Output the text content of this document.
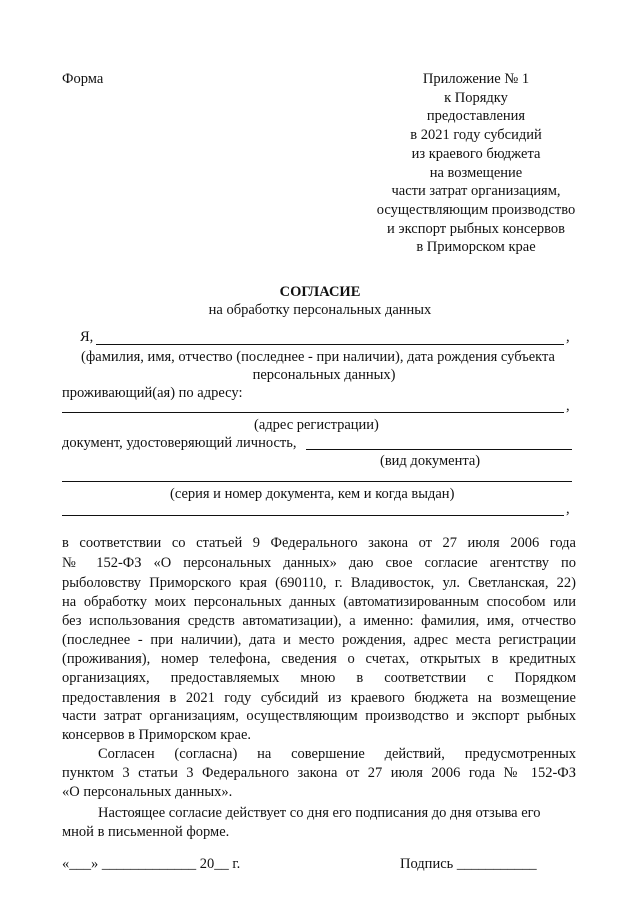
Форма	Приложение № 1
к Порядку
предоставления
в 2021 году субсидий
из краевого бюджета
на возмещение
части затрат организациям,
осуществляющим производство
и экспорт рыбных консервов
в Приморском крае
СОГЛАСИЕ
на обработку персональных данных
Я,	,
(фамилия, имя, отчество (последнее - при наличии), дата рождения субъекта
персональных данных)
проживающий(ая) по адресу:
,
(адрес регистрации)
документ, удостоверяющий личность,
(вид документа)
(серия и номер документа, кем и когда выдан)
,
в соответствии со статьей 9 Федерального закона от 27 июля 2006 года
№ 152-ФЗ «О персональных данных» даю свое согласие агентству по
рыболовству Приморского края (690110, г. Владивосток, ул. Светланская, 22)
на обработку моих персональных данных (автоматизированным способом или
без использования средств автоматизации), а именно: фамилия, имя, отчество
(последнее - при наличии), дата и место рождения, адрес места регистрации
(проживания), номер телефона, сведения о счетах, открытых в кредитных
организациях, предоставляемых мною в соответствии с Порядком
предоставления в 2021 году субсидий из краевого бюджета на возмещение
части затрат организациям, осуществляющим производство и экспорт рыбных
консервов в Приморском крае.
Согласен (согласна) на совершение действий, предусмотренных
пунктом 3 статьи 3 Федерального закона от 27 июля 2006 года № 152-ФЗ
«О персональных данных».
Настоящее согласие действует со дня его подписания до дня отзыва его
мной в письменной форме.
«___» _____________ 20__ г.	Подпись ___________
